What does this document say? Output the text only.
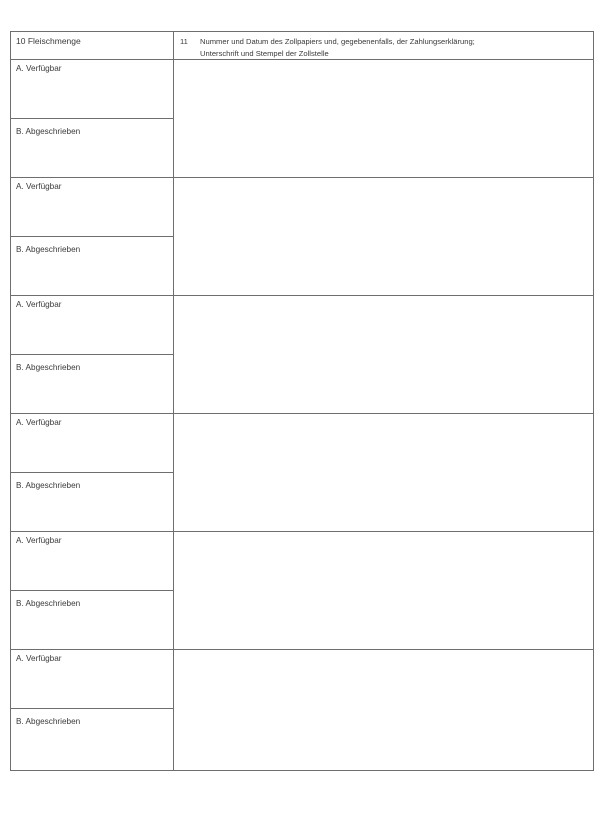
10 Fleischmenge	11 Nummer und Datum des Zollpapiers und, gegebenenfalls, der Zahlungserklärung;
Unterschrift und Stempel der Zollstelle
A. Verfügbar
B. Abgeschrieben
A. Verfügbar
B. Abgeschrieben
A. Verfügbar
B. Abgeschrieben
A. Verfügbar
B. Abgeschrieben
A. Verfügbar
B. Abgeschrieben
A. Verfügbar
B. Abgeschrieben
